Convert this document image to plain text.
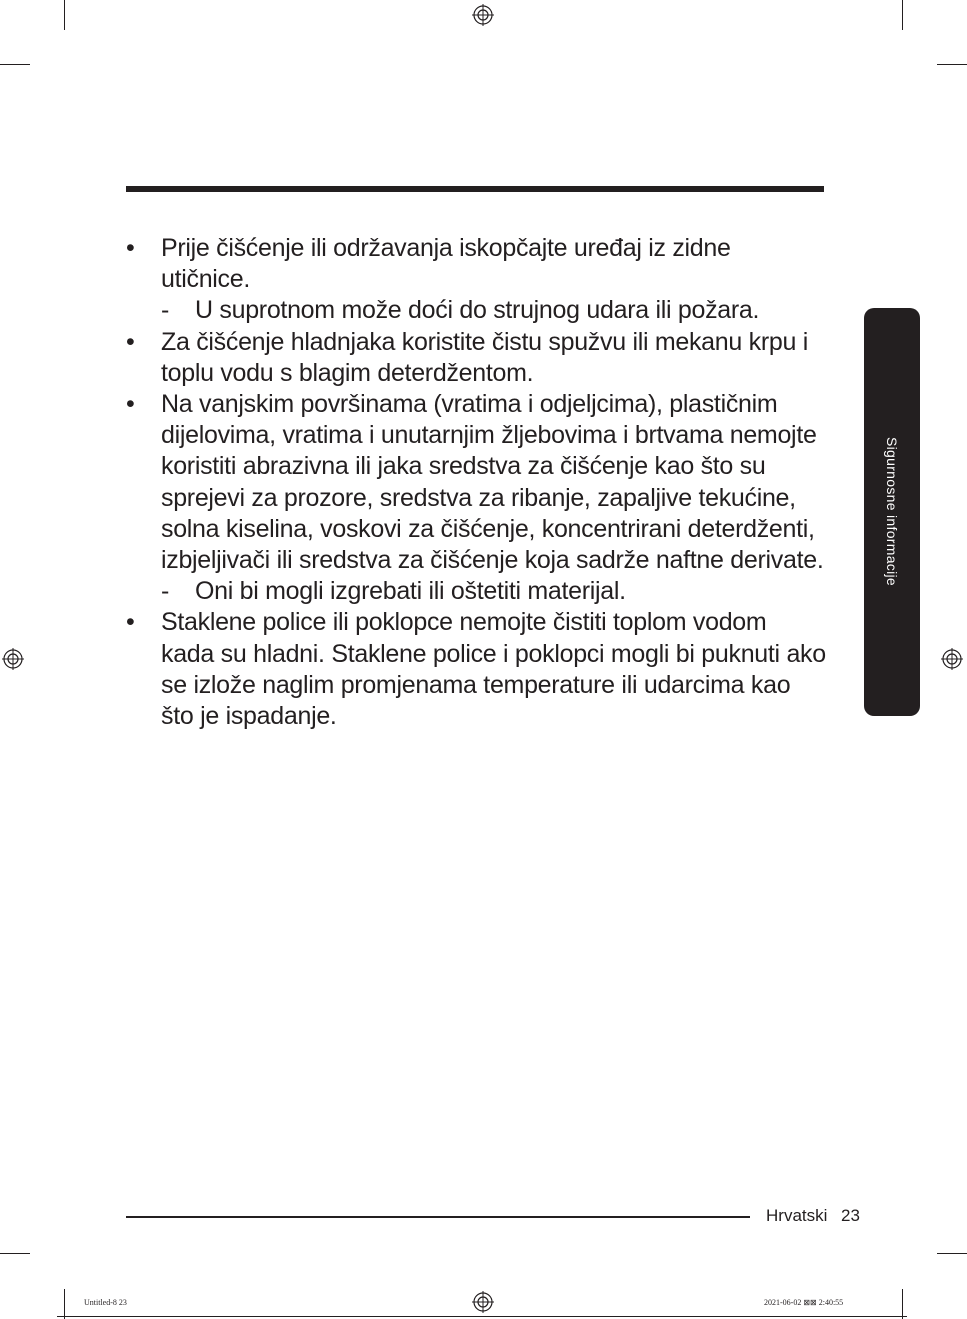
• Prije čišćenje ili održavanja iskopčajte uređaj iz zidne utičnice.

- U suprotnom može doći do strujnog udara ili požara.

• Za čišćenje hladnjaka koristite čistu spužvu ili mekanu krpu i toplu vodu s blagim deterdžentom.

• Na vanjskim površinama (vratima i odjeljcima), plastičnim dijelovima, vratima i unutarnjim žljebovima i brtvama nemojte koristiti abrazivna ili jaka sredstva za čišćenje kao što su sprejevi za prozore, sredstva za ribanje, zapaljive tekućine, solna kiselina, voskovi za čišćenje, koncentrirani deterdženti, izbjeljivači ili sredstva za čišćenje koja sadrže naftne derivate.

- Oni bi mogli izgrebati ili oštetiti materijal.

• Staklene police ili poklopce nemojte čistiti toplom vodom kada su hladni. Staklene police i poklopci mogli bi puknuti ako se izlože naglim promjenama temperature ili udarcima kao što je ispadanje.

Sigurnosne informacije
Hrvatski 23
Untitled-8 23	2021-06-02 ⊠⊠ 2:40:55
